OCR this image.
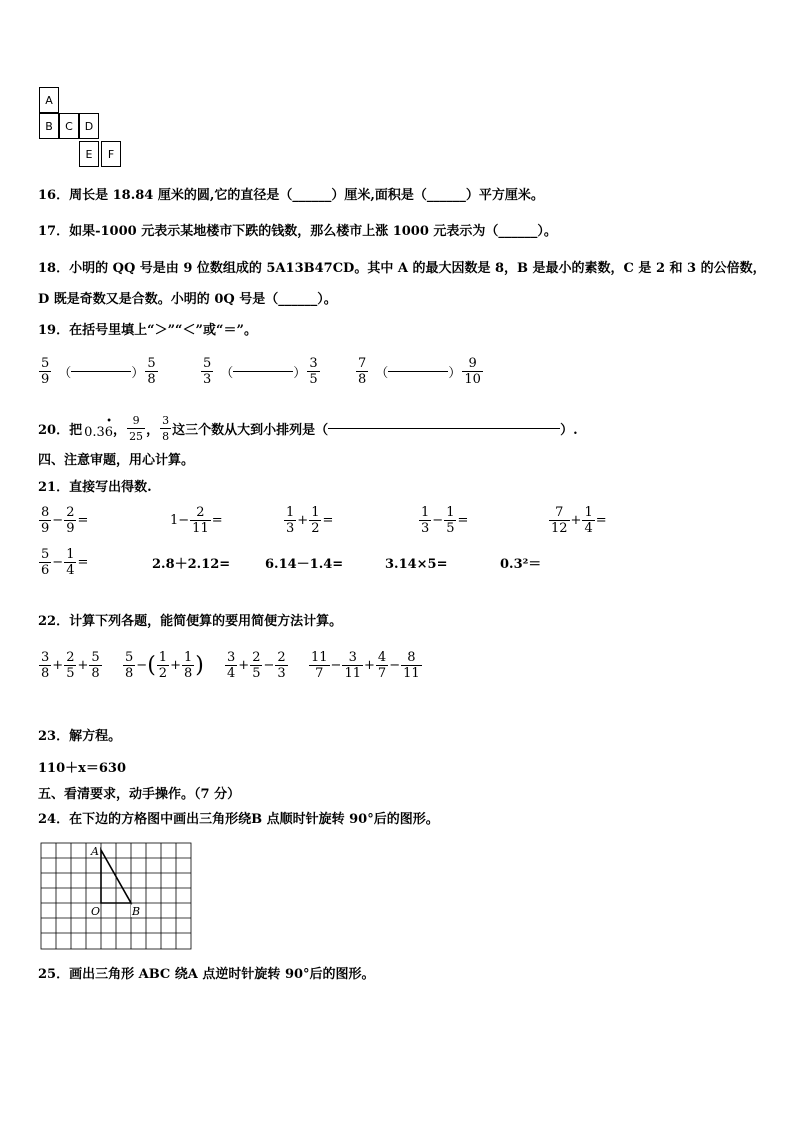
A
B	C	D
E	F
16．周长是 18.84 厘米的圆,它的直径是（______）厘米,面积是（______）平方厘米。
17．如果-1000 元表示某地楼市下跌的钱数，那么楼市上涨 1000 元表示为（______）。
18．小明的 QQ 号是由 9 位数组成的 5A13B47CD。其中 A 的最大因数是 8，B 是最小的素数，C 是 2 和 3 的公倍数，
D 既是奇数又是合数。小明的 0Q 号是（______）。
19．在括号里填上“＞”“＜”或“＝”。
$\frac{5}{9}$ （	） $\frac{5}{8}$	$\frac{5}{3}$ （	） $\frac{3}{5}$	$\frac{7}{8}$ （	） $\frac{9}{10}$
20．把 0.36
•
， $\frac{9}{25}$ ， $\frac{3}{8}$ 这三个数从大到小排列是（	）.
四、注意审题，用心计算。
21．直接写出得数.
$\frac{8}{9} - \frac{2}{9}$ =	$1- \frac{2}{11}$ =	$\frac{1}{3} + \frac{1}{2}$ =	$\frac{1}{3} - \frac{1}{5}$ =	$\frac{7}{12} + \frac{1}{4}$ =
$\frac{5}{6} - \frac{1}{4}$ =	2.8＋2.12=	6.14－1.4=	3.14×5=	0.3²＝
22．计算下列各题，能简便算的要用简便方法计算。
$\frac{3}{8} + \frac{2}{5} + \frac{5}{8} \frac{5}{8}$ − ( $\frac{1}{2} + \frac{1}{8}$ ) $\frac{3}{4} + \frac{2}{5} - \frac{2}{3} \frac{11}{7} - \frac{3}{11} + \frac{4}{7} - \frac{8}{11}$
23．解方程。
110＋x＝630
五、看清要求，动手操作。（7 分）
24．在下边的方格图中画出三角形绕B 点顺时针旋转 90°后的图形。
A
O	B
25．画出三角形 ABC 绕A 点逆时针旋转 90°后的图形。
